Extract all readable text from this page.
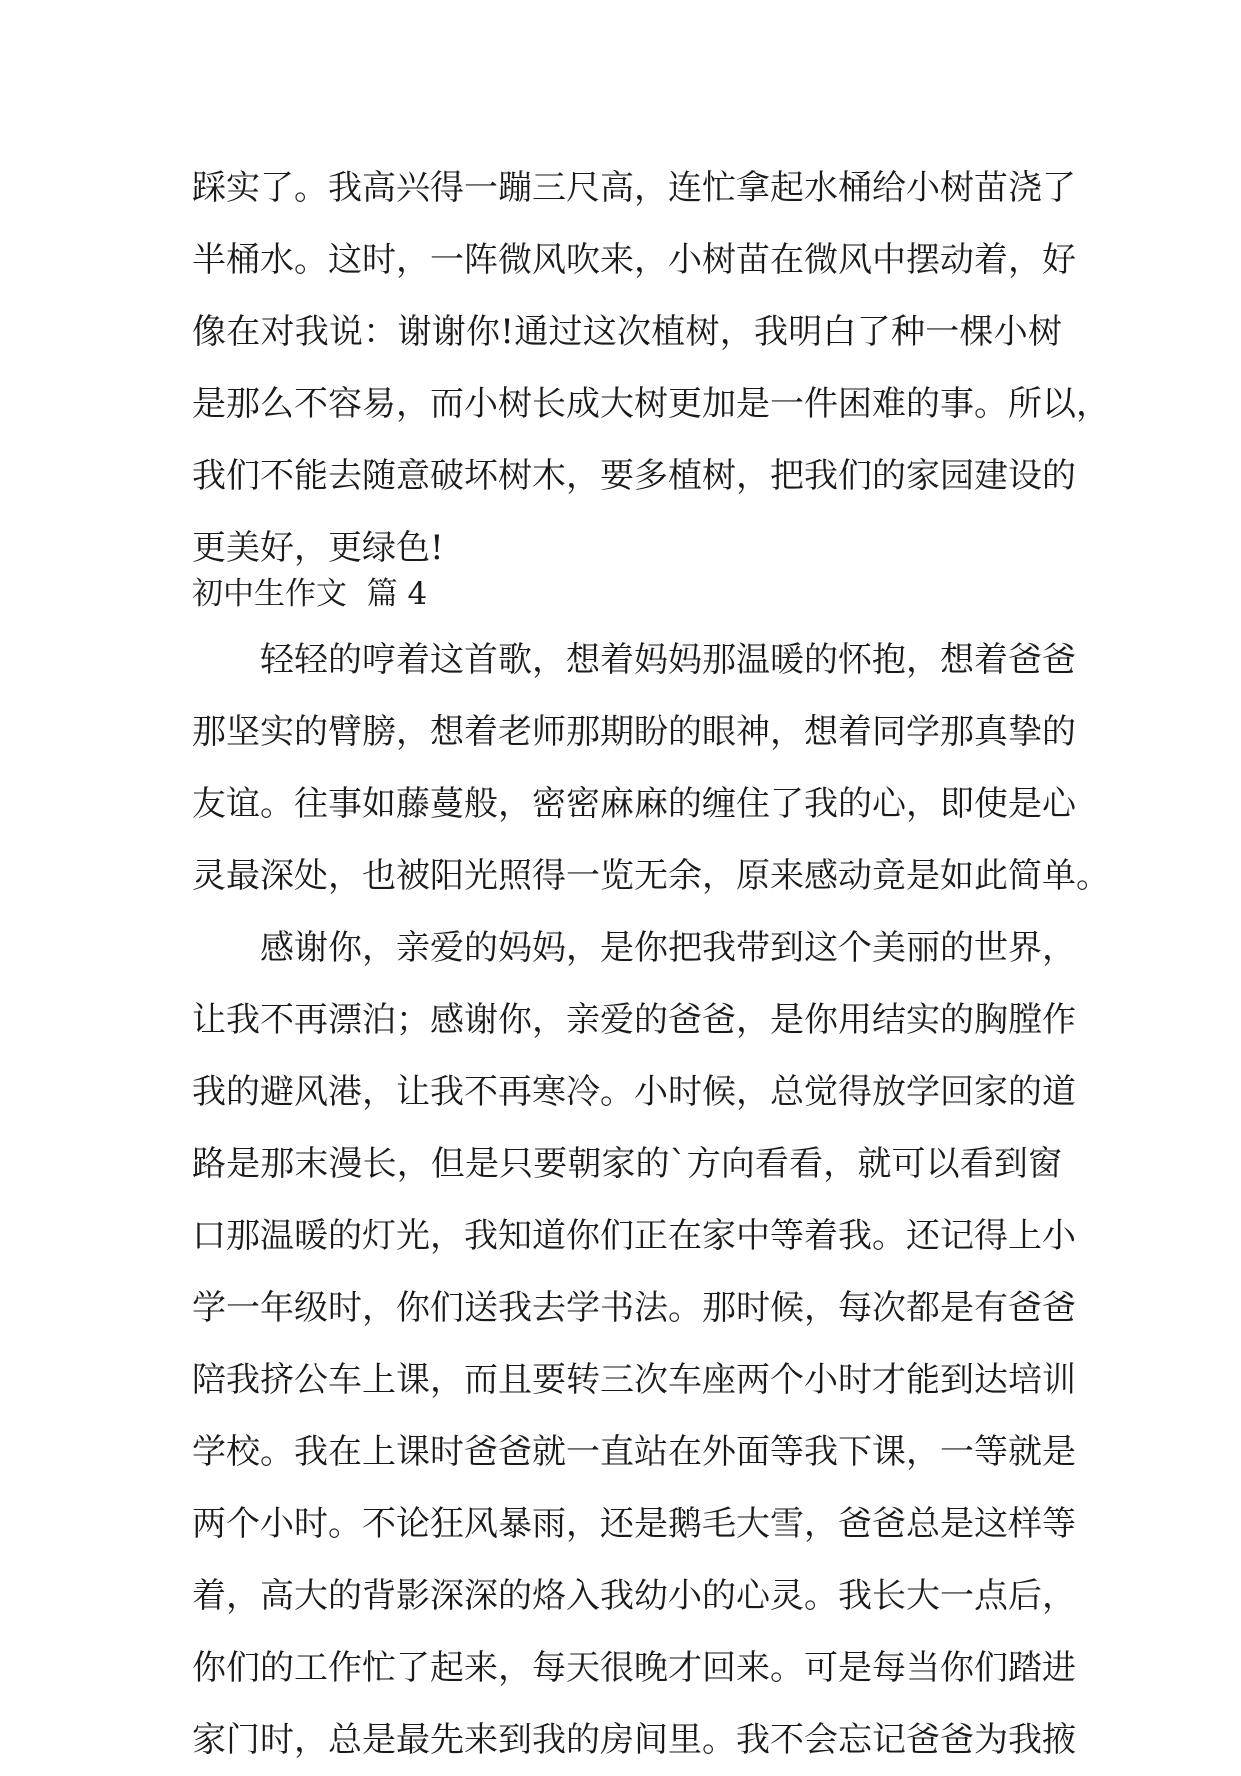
踩实了。我高兴得一蹦三尺高，连忙拿起水桶给小树苗浇了
半桶水。这时，一阵微风吹来，小树苗在微风中摆动着，好
像在对我说：谢谢你!通过这次植树，我明白了种一棵小树
是那么不容易，而小树长成大树更加是一件困难的事。所以，
我们不能去随意破坏树木，要多植树，把我们的家园建设的
更美好，更绿色!
初中生作文  篇 4
轻轻的哼着这首歌，想着妈妈那温暖的怀抱，想着爸爸
那坚实的臂膀，想着老师那期盼的眼神，想着同学那真挚的
友谊。往事如藤蔓般，密密麻麻的缠住了我的心，即使是心
灵最深处，也被阳光照得一览无余，原来感动竟是如此简单。
感谢你，亲爱的妈妈，是你把我带到这个美丽的世界，
让我不再漂泊；感谢你，亲爱的爸爸，是你用结实的胸膛作
我的避风港，让我不再寒冷。小时候，总觉得放学回家的道
路是那末漫长，但是只要朝家的`方向看看，就可以看到窗
口那温暖的灯光，我知道你们正在家中等着我。还记得上小
学一年级时，你们送我去学书法。那时候，每次都是有爸爸
陪我挤公车上课，而且要转三次车座两个小时才能到达培训
学校。我在上课时爸爸就一直站在外面等我下课，一等就是
两个小时。不论狂风暴雨，还是鹅毛大雪，爸爸总是这样等
着，高大的背影深深的烙入我幼小的心灵。我长大一点后，
你们的工作忙了起来，每天很晚才回来。可是每当你们踏进
家门时，总是最先来到我的房间里。我不会忘记爸爸为我掖
